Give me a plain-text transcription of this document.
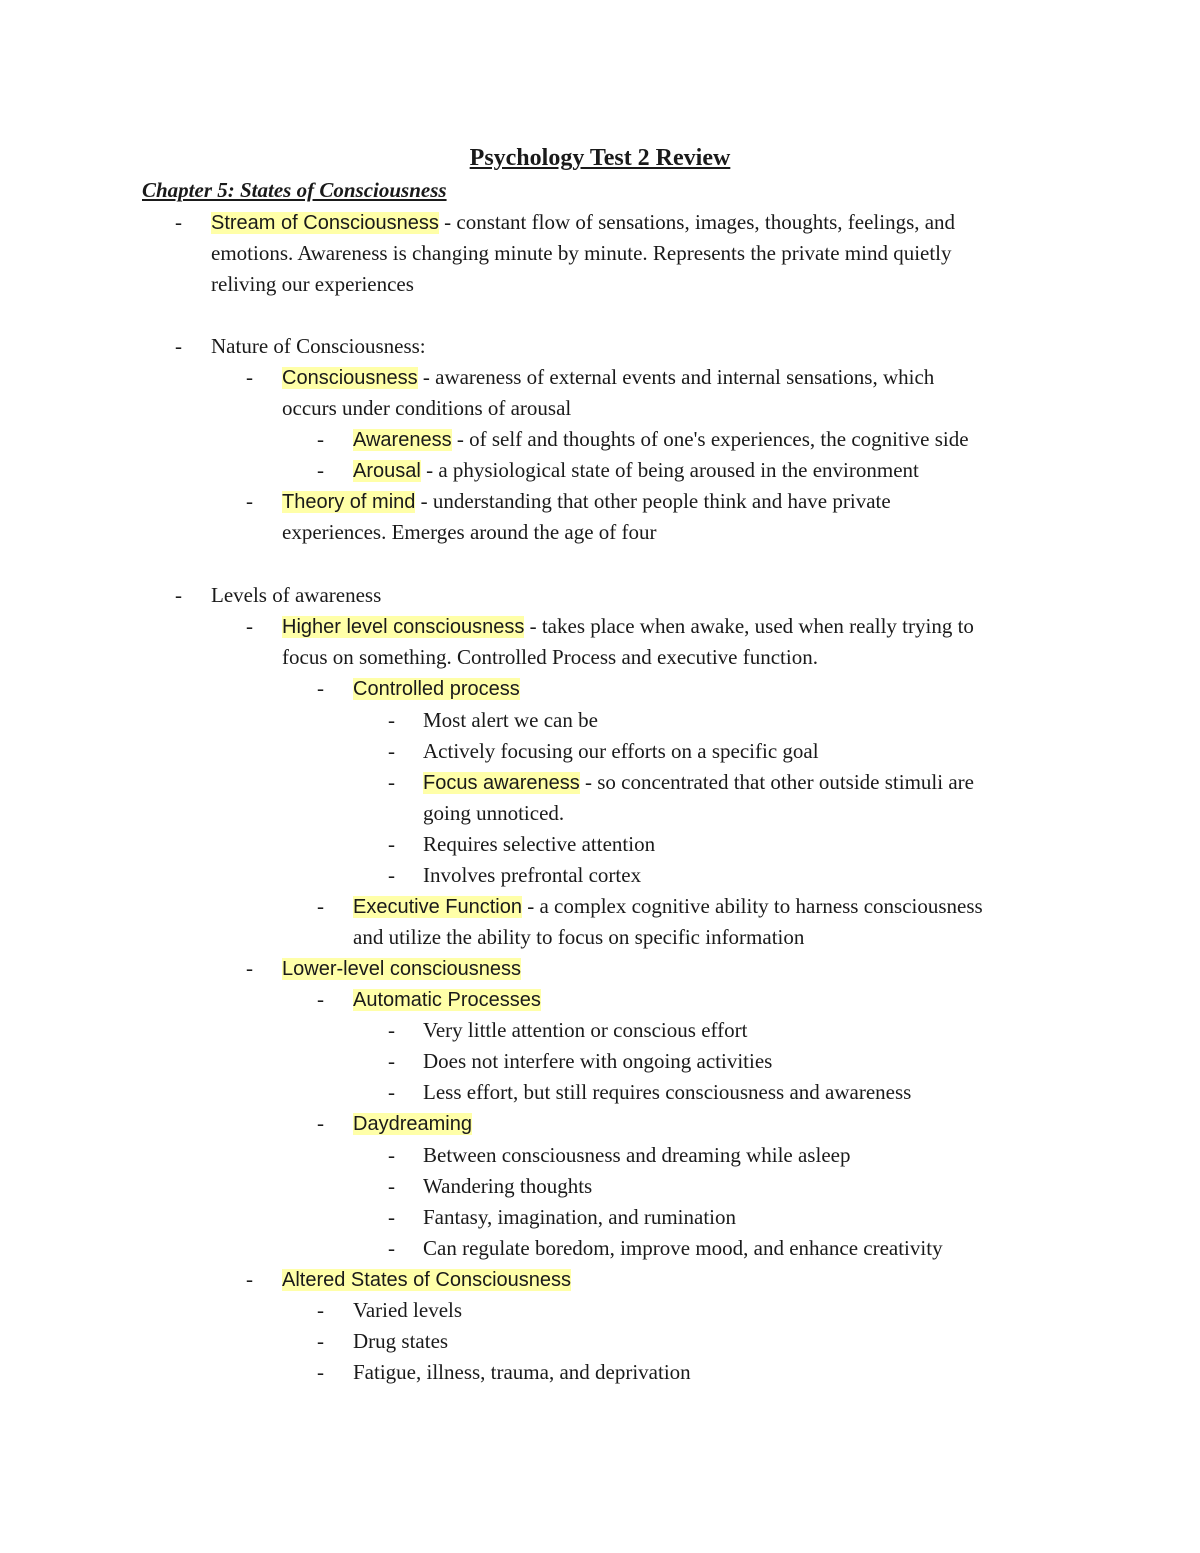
Psychology Test 2 Review
Chapter 5: States of Consciousness
- Stream of Consciousness - constant flow of sensations, images, thoughts, feelings, and
emotions. Awareness is changing minute by minute. Represents the private mind quietly
reliving our experiences
- Nature of Consciousness:
- Consciousness - awareness of external events and internal sensations, which
occurs under conditions of arousal
- Awareness - of self and thoughts of one's experiences, the cognitive side
- Arousal - a physiological state of being aroused in the environment
- Theory of mind - understanding that other people think and have private
experiences. Emerges around the age of four
- Levels of awareness
- Higher level consciousness - takes place when awake, used when really trying to
focus on something. Controlled Process and executive function.
- Controlled process
- Most alert we can be
- Actively focusing our efforts on a specific goal
- Focus awareness - so concentrated that other outside stimuli are
going unnoticed.
- Requires selective attention
- Involves prefrontal cortex
- Executive Function - a complex cognitive ability to harness consciousness
and utilize the ability to focus on specific information
- Lower-level consciousness
- Automatic Processes
- Very little attention or conscious effort
- Does not interfere with ongoing activities
- Less effort, but still requires consciousness and awareness
- Daydreaming
- Between consciousness and dreaming while asleep
- Wandering thoughts
- Fantasy, imagination, and rumination
- Can regulate boredom, improve mood, and enhance creativity
- Altered States of Consciousness
- Varied levels
- Drug states
- Fatigue, illness, trauma, and deprivation
